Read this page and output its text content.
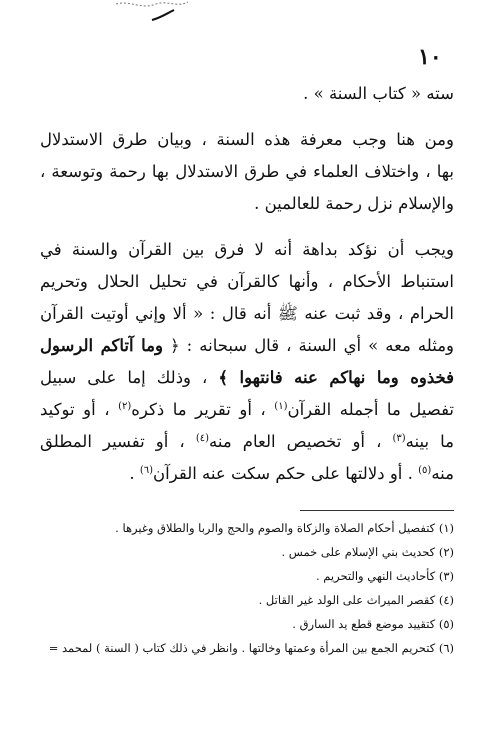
١٠
سته « كتاب السنة » .
ومن هنا وجب معرفة هذه السنة ، وبيان طرق الاستدلال
بها ، واختلاف العلماء في طرق الاستدلال بها رحمة وتوسعة ،
والإسلام نزل رحمة للعالمين .
ويجب أن نؤكد بداهة أنه لا فرق بين القرآن والسنة في
استنباط الأحكام ، وأنها كالقرآن في تحليل الحلال وتحريم
الحرام ، وقد ثبت عنه ﷺ أنه قال : « ألا وإني أوتيت القرآن
ومثله معه » أي السنة ، قال سبحانه : ﴿ وما آتاكم الرسول
فخذوه وما نهاكم عنه فانتهوا ﴾ ، وذلك إما على سبيل
تفصيل ما أجمله القرآن$^{(١)}$ ، أو تقرير ما ذكره$^{(٢)}$ ، أو توكيد
ما بينه$^{(٣)}$ ، أو تخصيص العام منه$^{(٤)}$ ، أو تفسير المطلق
منه$^{(٥)}$ . أو دلالتها على حكم سكت عنه القرآن$^{(٦)}$ .
(١) كتفصيل أحكام الصلاة والزكاة والصوم والحج والربا والطلاق وغيرها .
(٢) كحديث بني الإسلام على خمس .
(٣) كأحاديث النهي والتحريم .
(٤) كقصر الميراث على الولد غير القاتل .
(٥) كتقييد موضع قطع يد السارق .
(٦) كتحريم الجمع بين المرأة وعمتها وخالتها . وانظر في ذلك كتاب ( السنة ) لمحمد =
